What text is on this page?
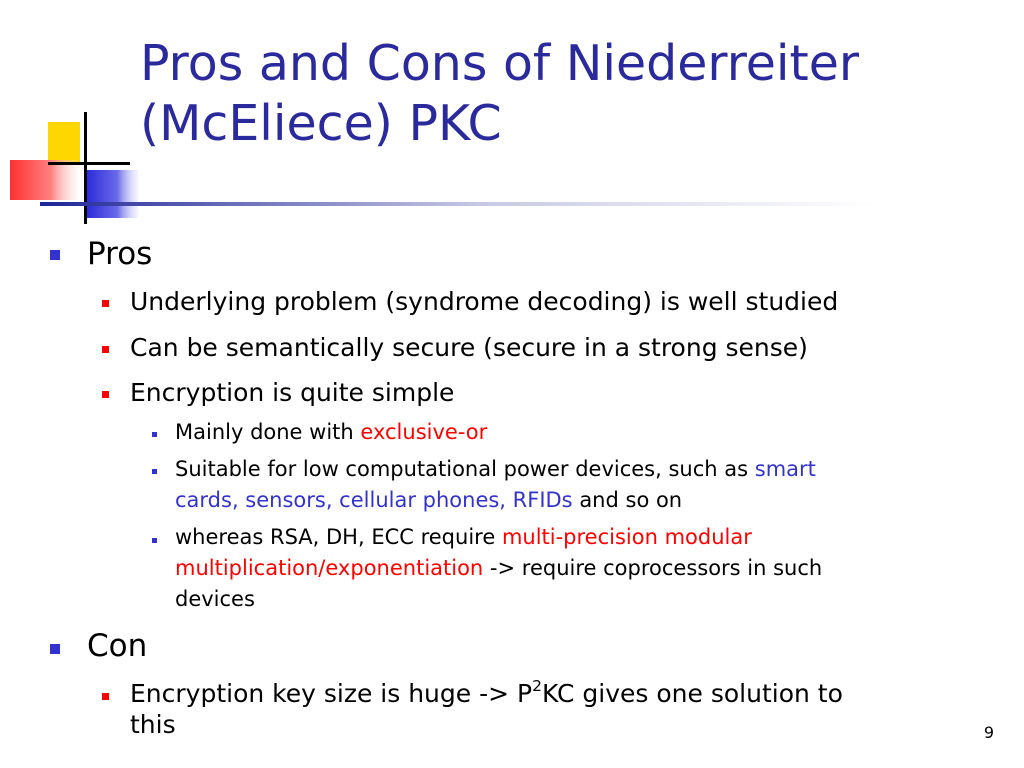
Pros and Cons of Niederreiter
(McEliece) PKC
Pros
Underlying problem (syndrome decoding) is well studied
Can be semantically secure (secure in a strong sense)
Encryption is quite simple
Mainly done with exclusive-or
Suitable for low computational power devices, such as smart
cards, sensors, cellular phones, RFIDs and so on
whereas RSA, DH, ECC require multi-precision modular
multiplication/exponentiation -> require coprocessors in such
devices
Con
Encryption key size is huge -> $P^2KC$ gives one solution to
this	9
